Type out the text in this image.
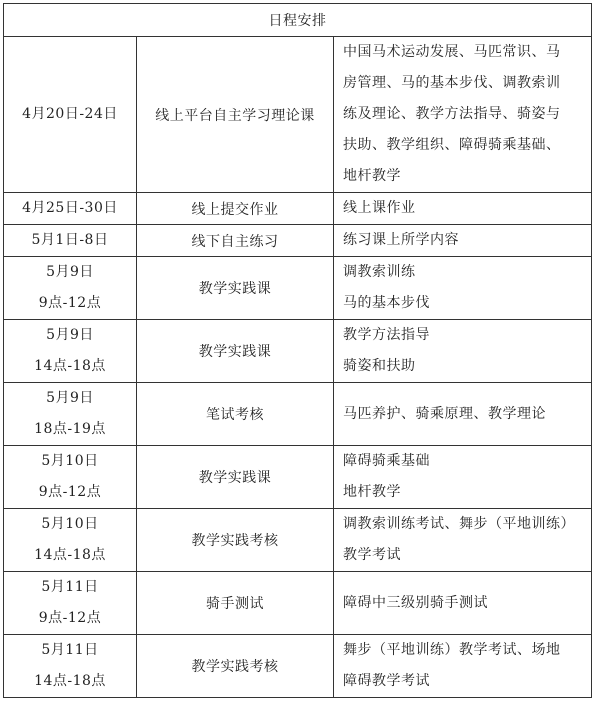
日程安排		

4月20日-24日	线上平台自主学习理论课	中国马术运动发展、马匹常识、马
房管理、马的基本步伐、调教索训
练及理论、教学方法指导、骑姿与
扶助、教学组织、障碍骑乘基础、
地杆教学

4月25日-30日	线上提交作业	线上课作业

5月1日-8日	线下自主练习	练习课上所学内容

5月9日
9点-12点	教学实践课	调教索训练
马的基本步伐

5月9日
14点-18点	教学实践课	教学方法指导
骑姿和扶助

5月9日
18点-19点	笔试考核	马匹养护、骑乘原理、教学理论

5月10日
9点-12点	教学实践课	障碍骑乘基础
地杆教学

5月10日
14点-18点	教学实践考核	调教索训练考试、舞步（平地训练）
教学考试

5月11日
9点-12点	骑手测试	障碍中三级别骑手测试

5月11日
14点-18点	教学实践考核	舞步（平地训练）教学考试、场地
障碍教学考试
